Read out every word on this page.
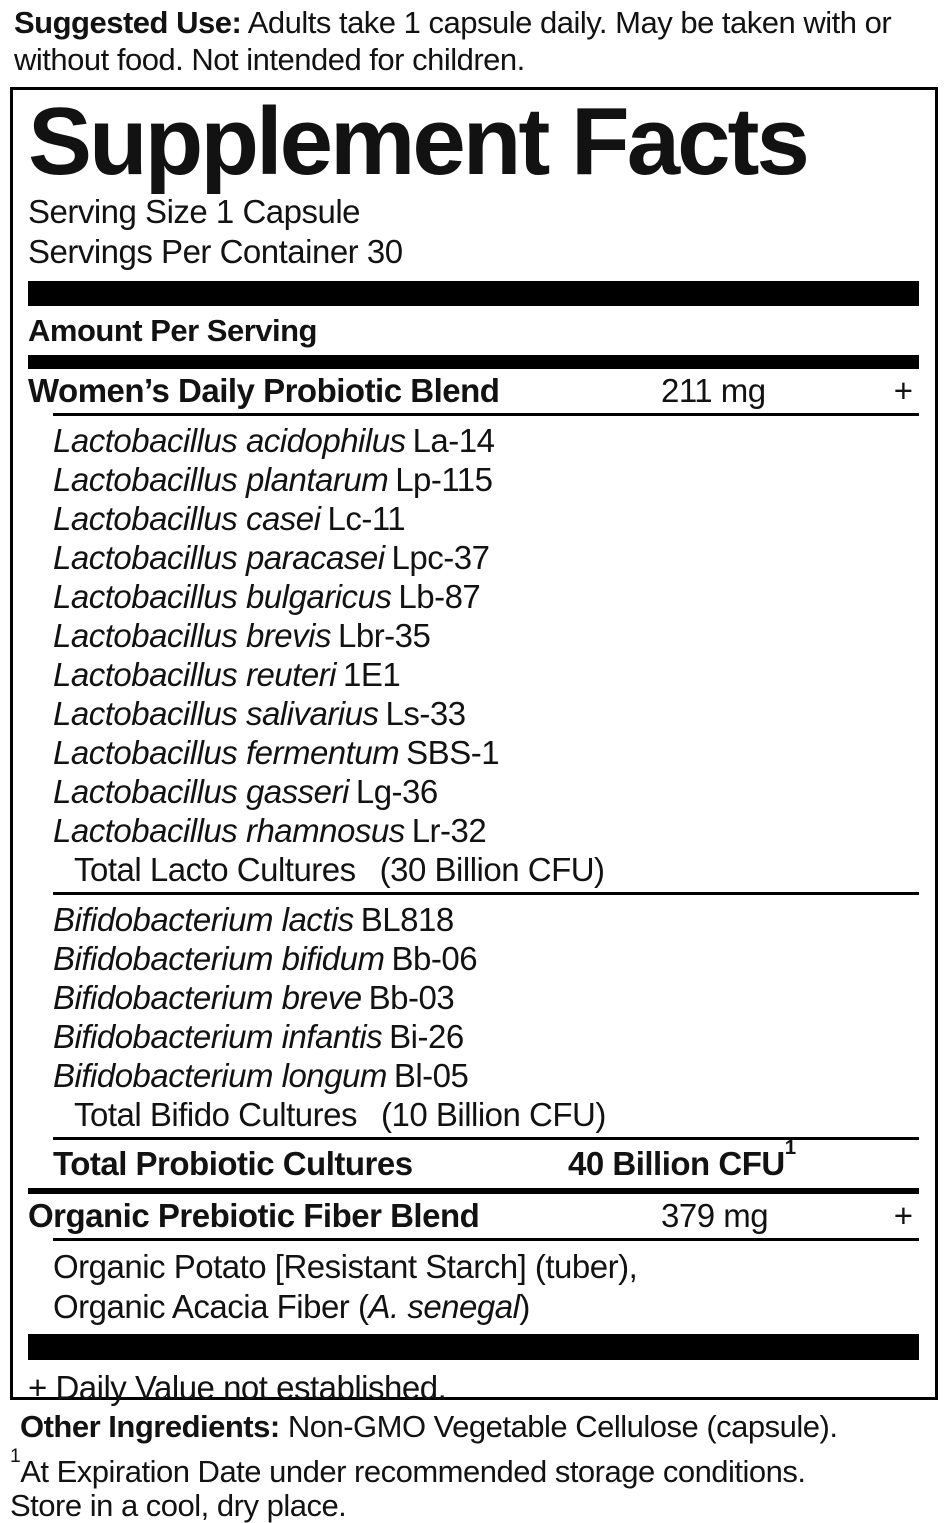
Suggested Use: Adults take 1 capsule daily. May be taken with or without food. Not intended for children.

Supplement Facts
Serving Size 1 Capsule
Servings Per Container 30
Amount Per Serving
Women’s Daily Probiotic Blend	211 mg	+
Lactobacillus acidophilus La-14
Lactobacillus plantarum Lp-115
Lactobacillus casei Lc-11
Lactobacillus paracasei Lpc-37
Lactobacillus bulgaricus Lb-87
Lactobacillus brevis Lbr-35
Lactobacillus reuteri 1E1
Lactobacillus salivarius Ls-33
Lactobacillus fermentum SBS-1
Lactobacillus gasseri Lg-36
Lactobacillus rhamnosus Lr-32
Total Lacto Cultures (30 Billion CFU)
Bifidobacterium lactis BL818
Bifidobacterium bifidum Bb-06
Bifidobacterium breve Bb-03
Bifidobacterium infantis Bi-26
Bifidobacterium longum Bl-05
Total Bifido Cultures (10 Billion CFU)
Total Probiotic Cultures	40 Billion CFU$^1$
Organic Prebiotic Fiber Blend	379 mg	+
Organic Potato [Resistant Starch] (tuber),
Organic Acacia Fiber (A. senegal)
+ Daily Value not established.

Other Ingredients: Non-GMO Vegetable Cellulose (capsule).

$^1$At Expiration Date under recommended storage conditions.
Store in a cool, dry place.
